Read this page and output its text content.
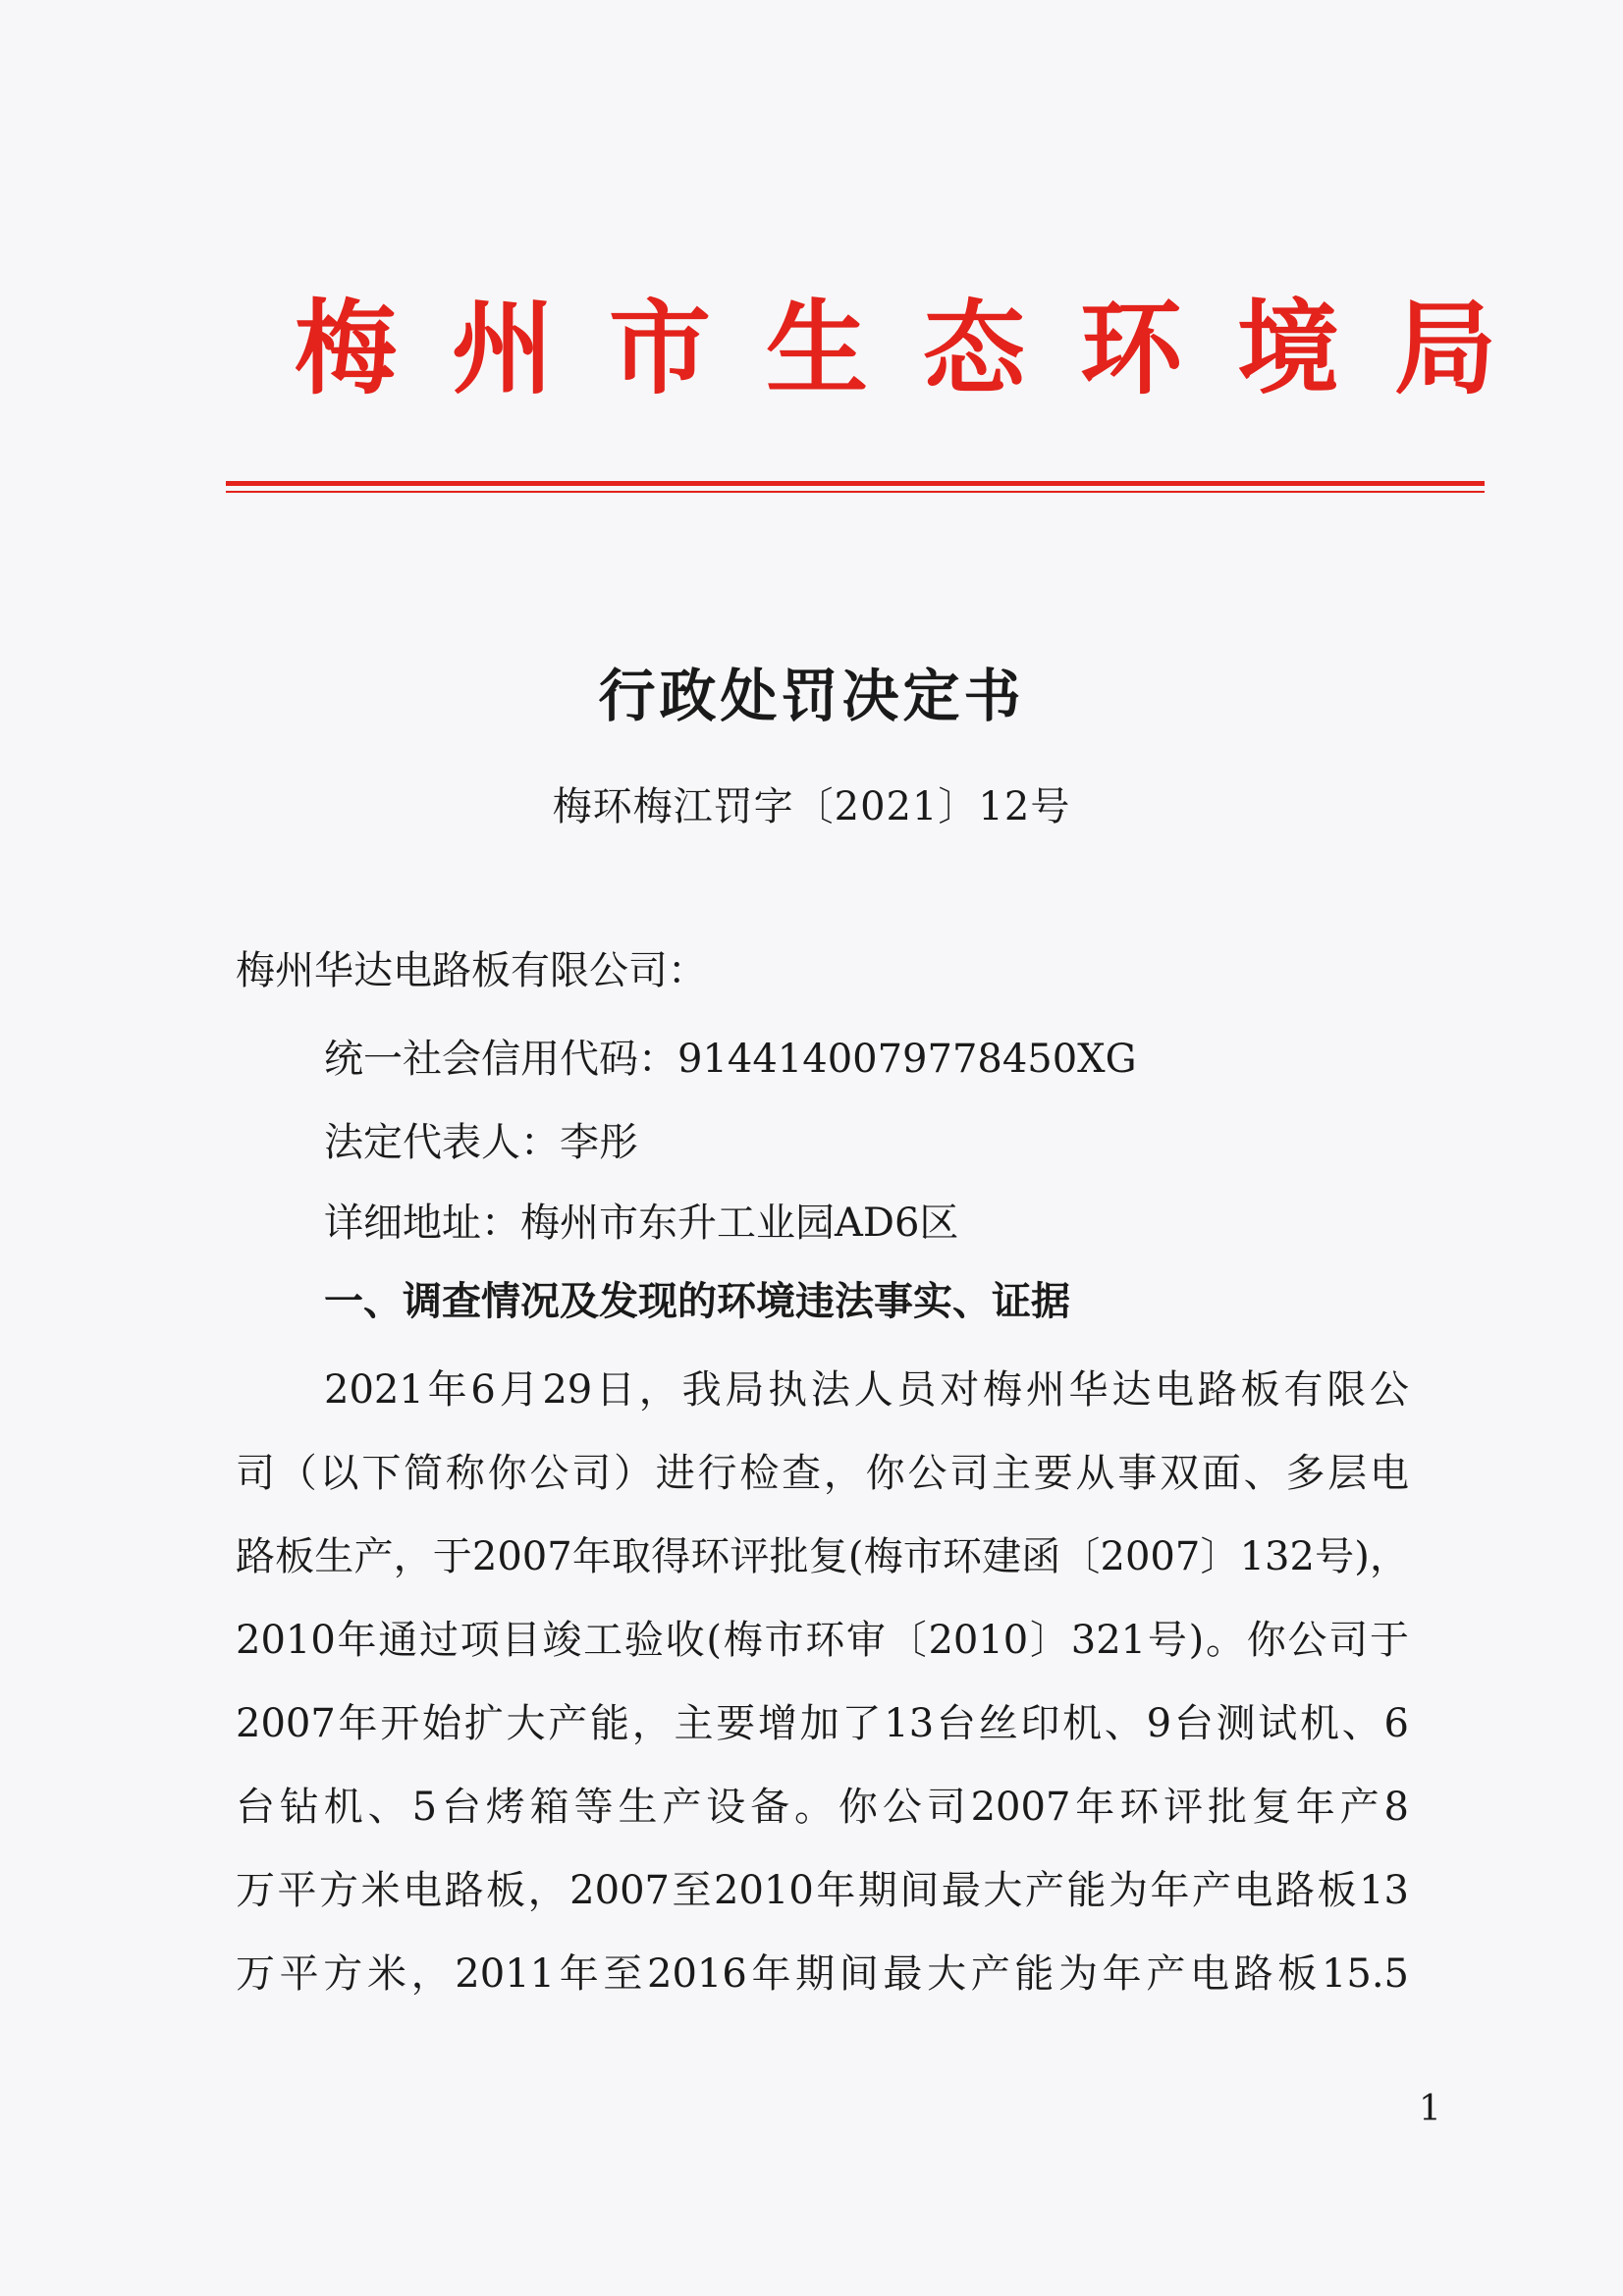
梅州市生态环境局
行政处罚决定书
梅环梅江罚字〔2021〕12号
梅州华达电路板有限公司：
统一社会信用代码：9144140079778450XG
法定代表人：李彤
详细地址：梅州市东升工业园AD6区
一、调查情况及发现的环境违法事实、证据
2021年6月29日，我局执法人员对梅州华达电路板有限公
司（以下简称你公司）进行检查，你公司主要从事双面、多层电
路板生产，于2007年取得环评批复(梅市环建函〔2007〕132号)，
2010年通过项目竣工验收(梅市环审〔2010〕321号)。你公司于
2007年开始扩大产能，主要增加了13台丝印机、9台测试机、6
台钻机、5台烤箱等生产设备。你公司2007年环评批复年产8
万平方米电路板，2007至2010年期间最大产能为年产电路板13
万平方米，2011年至2016年期间最大产能为年产电路板15.5
1
